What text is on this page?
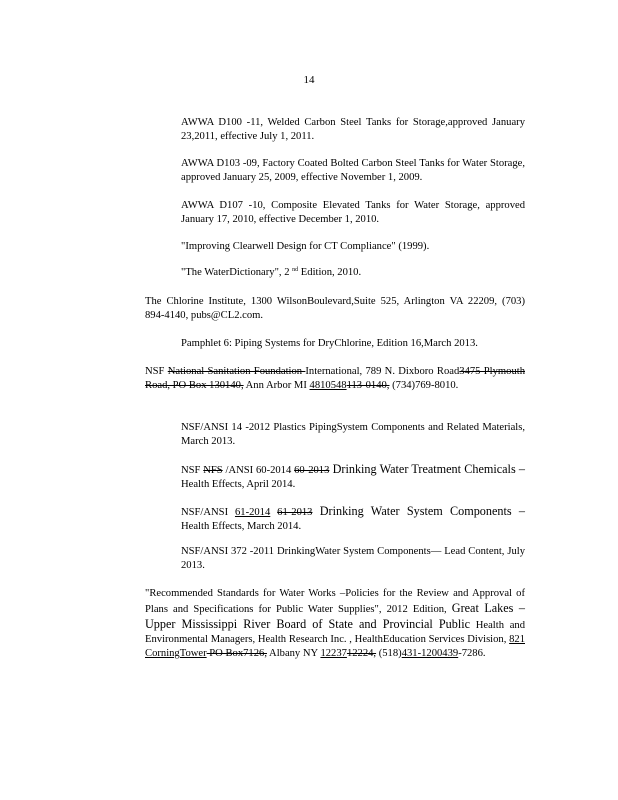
14

AWWA D100 -11, Welded Carbon Steel Tanks for Storage,approved January 23,2011, effective July 1, 2011.

AWWA D103 -09, Factory Coated Bolted Carbon Steel Tanks for Water Storage, approved January 25, 2009, effective November 1, 2009.

AWWA D107 -10, Composite Elevated Tanks for Water Storage, approved January 17, 2010, effective December 1, 2010.

"Improving Clearwell Design for CT Compliance" (1999).

"The WaterDictionary", 2 $^{nd}$ Edition, 2010.

The Chlorine Institute, 1300 WilsonBoulevard,Suite 525, Arlington VA 22209, (703) 894-4140, pubs@CL2.com.

Pamphlet 6: Piping Systems for DryChlorine, Edition 16,March 2013.

NSF National Sanitation Foundation International, 789 N. Dixboro Road3475 Plymouth Road, PO Box 130140, Ann Arbor MI 4810548113-0140, (734)769-8010.

NSF/ANSI 14 -2012 Plastics PipingSystem Components and Related Materials, March 2013.

NSF NFS /ANSI 60-2014 60-2013 Drinking Water Treatment Chemicals – Health Effects, April 2014.

NSF/ANSI 61-2014 61-2013 Drinking Water System Components – Health Effects, March 2014.

NSF/ANSI 372 -2011 DrinkingWater System Components— Lead Content, July 2013.

"Recommended Standards for Water Works –Policies for the Review and Approval of Plans and Specifications for Public Water Supplies", 2012 Edition, Great Lakes – Upper Mississippi River Board of State and Provincial Public Health and Environmental Managers, Health Research Inc. , HealthEducation Services Division, 821 CorningTower PO Box7126, Albany NY 1223712224, (518)431-1200439-7286.
